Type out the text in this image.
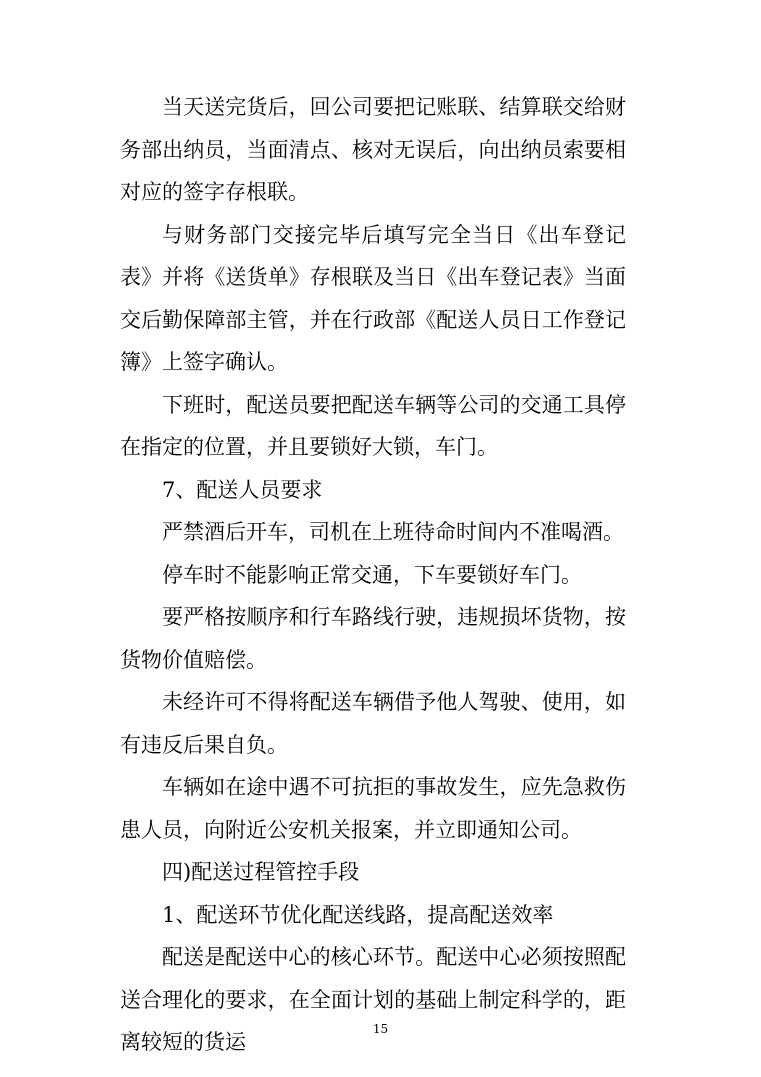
当天送完货后，回公司要把记账联、结算联交给财务部出纳员，当面清点、核对无误后，向出纳员索要相对应的签字存根联。

与财务部门交接完毕后填写完全当日《出车登记表》并将《送货单》存根联及当日《出车登记表》当面交后勤保障部主管，并在行政部《配送人员日工作登记簿》上签字确认。

下班时，配送员要把配送车辆等公司的交通工具停在指定的位置，并且要锁好大锁，车门。

7、配送人员要求

严禁酒后开车，司机在上班待命时间内不准喝酒。

停车时不能影响正常交通，下车要锁好车门。

要严格按顺序和行车路线行驶，违规损坏货物，按货物价值赔偿。

未经许可不得将配送车辆借予他人驾驶、使用，如有违反后果自负。

车辆如在途中遇不可抗拒的事故发生，应先急救伤患人员，向附近公安机关报案，并立即通知公司。

四)配送过程管控手段

1、配送环节优化配送线路，提高配送效率

配送是配送中心的核心环节。配送中心必须按照配送合理化的要求，在全面计划的基础上制定科学的，距离较短的货运

15
